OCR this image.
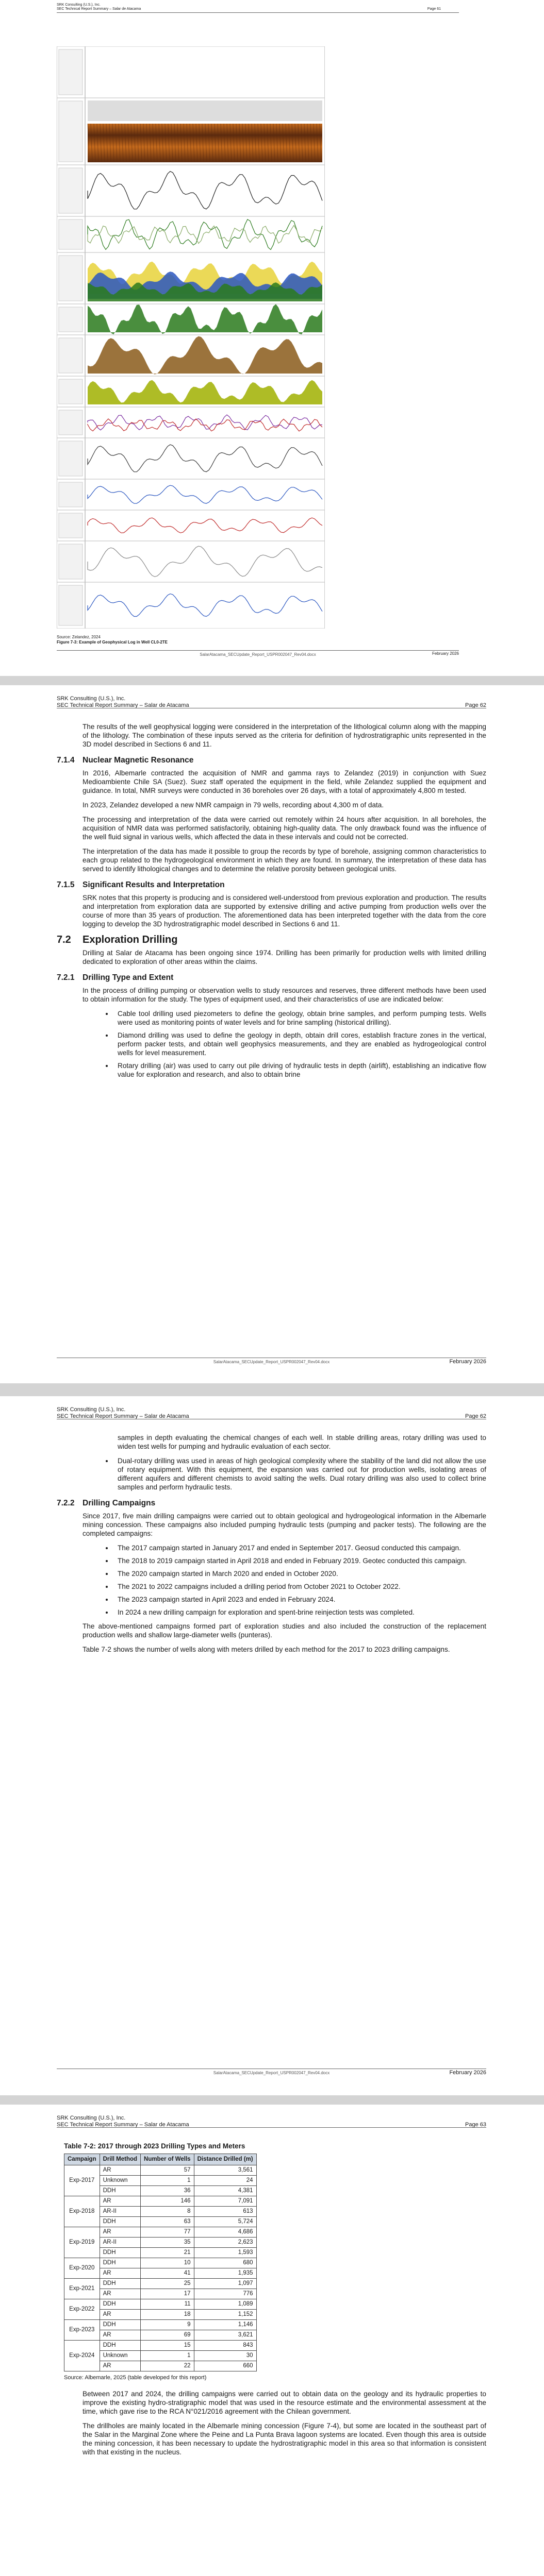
SRK Consulting (U.S.), Inc.
SEC Technical Report Summary – Salar de Atacama	Page 61
Source: Zelandez, 2024
Figure 7-3: Example of Geophysical Log in Well CL0-2TE
SalarAtacama_SECUpdate_Report_USPR002047_Rev04.docx	February 2026
SRK Consulting (U.S.), Inc.
SEC Technical Report Summary – Salar de Atacama	Page 62

The results of the well geophysical logging were considered in the interpretation of the lithological column along with the mapping of the lithology. The combination of these inputs served as the criteria for definition of hydrostratigraphic units represented in the 3D model described in Sections 6 and 11.

7.1.4 Nuclear Magnetic Resonance

In 2016, Albemarle contracted the acquisition of NMR and gamma rays to Zelandez (2019) in conjunction with Suez Medioambiente Chile SA (Suez). Suez staff operated the equipment in the field, while Zelandez supplied the equipment and guidance. In total, NMR surveys were conducted in 36 boreholes over 26 days, with a total of approximately 4,800 m tested.

In 2023, Zelandez developed a new NMR campaign in 79 wells, recording about 4,300 m of data.

The processing and interpretation of the data were carried out remotely within 24 hours after acquisition. In all boreholes, the acquisition of NMR data was performed satisfactorily, obtaining high-quality data. The only drawback found was the influence of the well fluid signal in various wells, which affected the data in these intervals and could not be corrected.

The interpretation of the data has made it possible to group the records by type of borehole, assigning common characteristics to each group related to the hydrogeological environment in which they are found. In summary, the interpretation of these data has served to identify lithological changes and to determine the relative porosity between geological units.

7.1.5 Significant Results and Interpretation

SRK notes that this property is producing and is considered well-understood from previous exploration and production. The results and interpretation from exploration data are supported by extensive drilling and active pumping from production wells over the course of more than 35 years of production. The aforementioned data has been interpreted together with the data from the core logging to develop the 3D hydrostratigraphic model described in Sections 6 and 11.

7.2 Exploration Drilling

Drilling at Salar de Atacama has been ongoing since 1974. Drilling has been primarily for production wells with limited drilling dedicated to exploration of other areas within the claims.

7.2.1 Drilling Type and Extent

In the process of drilling pumping or observation wells to study resources and reserves, three different methods have been used to obtain information for the study. The types of equipment used, and their characteristics of use are indicated below:

• Cable tool drilling used piezometers to define the geology, obtain brine samples, and perform pumping tests. Wells were used as monitoring points of water levels and for brine sampling (historical drilling).
• Diamond drilling was used to define the geology in depth, obtain drill cores, establish fracture zones in the vertical, perform packer tests, and obtain well geophysics measurements, and they are enabled as hydrogeological control wells for level measurement.
• Rotary drilling (air) was used to carry out pile driving of hydraulic tests in depth (airlift), establishing an indicative flow value for exploration and research, and also to obtain brine
SalarAtacama_SECUpdate_Report_USPR002047_Rev04.docx	February 2026
SRK Consulting (U.S.), Inc.
SEC Technical Report Summary – Salar de Atacama	Page 62

samples in depth evaluating the chemical changes of each well. In stable drilling areas, rotary drilling was used to widen test wells for pumping and hydraulic evaluation of each sector.

• Dual-rotary drilling was used in areas of high geological complexity where the stability of the land did not allow the use of rotary equipment. With this equipment, the expansion was carried out for production wells, isolating areas of different aquifers and different chemists to avoid salting the wells. Dual rotary drilling was also used to collect brine samples and perform hydraulic tests.
7.2.2 Drilling Campaigns

Since 2017, five main drilling campaigns were carried out to obtain geological and hydrogeological information in the Albemarle mining concession. These campaigns also included pumping hydraulic tests (pumping and packer tests). The following are the completed campaigns:

• The 2017 campaign started in January 2017 and ended in September 2017. Geosud conducted this campaign.
• The 2018 to 2019 campaign started in April 2018 and ended in February 2019. Geotec conducted this campaign.
• The 2020 campaign started in March 2020 and ended in October 2020.
• The 2021 to 2022 campaigns included a drilling period from October 2021 to October 2022.
• The 2023 campaign started in April 2023 and ended in February 2024.
• In 2024 a new drilling campaign for exploration and spent-brine reinjection tests was completed.

The above-mentioned campaigns formed part of exploration studies and also included the construction of the replacement production wells and shallow large-diameter wells (punteras).

Table 7-2 shows the number of wells along with meters drilled by each method for the 2017 to 2023 drilling campaigns.

SalarAtacama_SECUpdate_Report_USPR002047_Rev04.docx	February 2026
SRK Consulting (U.S.), Inc.
SEC Technical Report Summary – Salar de Atacama	Page 63
Table 7-2: 2017 through 2023 Drilling Types and Meters
Campaign	Drill Method	Number of Wells	Distance Drilled (m)
Exp-2017	AR	57	3,561
	Unknown	1	24
	DDH	36	4,381
Exp-2018	AR	146	7,091
	AR-II	8	613
	DDH	63	5,724
Exp-2019	AR	77	4,686
	AR-II	35	2,623
	DDH	21	1,593
Exp-2020	DDH	10	680
	AR	41	1,935
Exp-2021	DDH	25	1,097
	AR	17	776
Exp-2022	DDH	11	1,089
	AR	18	1,152
Exp-2023	DDH	9	1,146
	AR	69	3,621
Exp-2024	DDH	15	843
	Unknown	1	30
	AR	22	660
Source: Albemarle, 2025 (table developed for this report)

Between 2017 and 2024, the drilling campaigns were carried out to obtain data on the geology and its hydraulic properties to improve the existing hydro-stratigraphic model that was used in the resource estimate and the environmental assessment at the time, which gave rise to the RCA N°021/2016 agreement with the Chilean government.

The drillholes are mainly located in the Albemarle mining concession (Figure 7-4), but some are located in the southeast part of the Salar in the Marginal Zone where the Peine and La Punta Brava lagoon systems are located. Even though this area is outside the mining concession, it has been necessary to update the hydrostratigraphic model in this area so that information is consistent with that existing in the nucleus.
